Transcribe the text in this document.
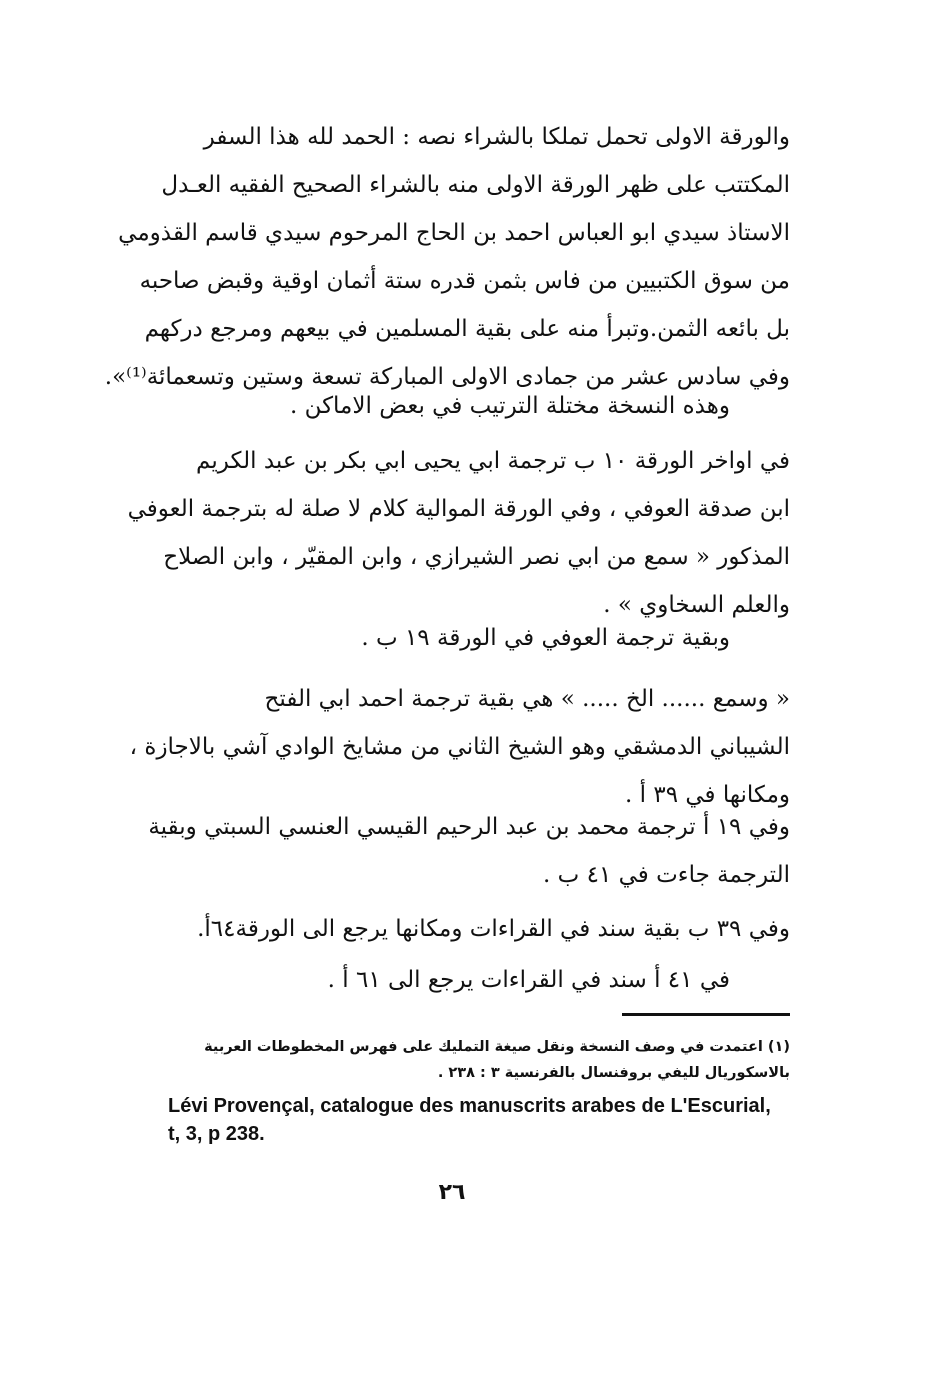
والورقة الاولى تحمل تملكا بالشراء نصه : الحمد لله هذا السفر
المكتتب على ظهر الورقة الاولى منه بالشراء الصحيح الفقيه العـدل
الاستاذ سيدي ابو العباس احمد بن الحاج المرحوم سيدي قاسم القذومي
من سوق الكتبيين من فاس بثمن قدره ستة أثمان اوقية وقبض صاحبه
بل بائعه الثمن.وتبرأ منه على بقية المسلمين في بيعهم ومرجع دركهم
وفي سادس عشر من جمادى الاولى المباركة تسعة وستين وتسعمائة⁽¹⁾».
وهذه النسخة مختلة الترتيب في بعض الاماكن .
في اواخر الورقة ١٠ ب ترجمة ابي يحيى ابي بكر بن عبد الكريم
ابن صدقة العوفي ، وفي الورقة الموالية كلام لا صلة له بترجمة العوفي
المذكور « سمع من ابي نصر الشيرازي ، وابن المقيّر ، وابن الصلاح
والعلم السخاوي » .
وبقية ترجمة العوفي في الورقة ١٩ ب .
« وسمع ...... الخ ..... » هي بقية ترجمة احمد ابي الفتح
الشيباني الدمشقي وهو الشيخ الثاني من مشايخ الوادي آشي بالاجازة ،
ومكانها في ٣٩ أ .
وفي ١٩ أ ترجمة محمد بن عبد الرحيم القيسي العنسي السبتي وبقية
الترجمة جاءت في ٤١ ب .
وفي ٣٩ ب بقية سند في القراءات ومكانها يرجع الى الورقة٦٤أ.
في ٤١ أ سند في القراءات يرجع الى ٦١ أ .
(١) اعتمدت في وصف النسخة ونقل صيغة التمليك على فهرس المخطوطات العربية
بالاسكوريال لليفي بروفنسال بالفرنسية ٣ : ٢٣٨ .
Lévi Provençal, catalogue des manuscrits arabes de L'Escurial,
t, 3, p 238.
٢٦
